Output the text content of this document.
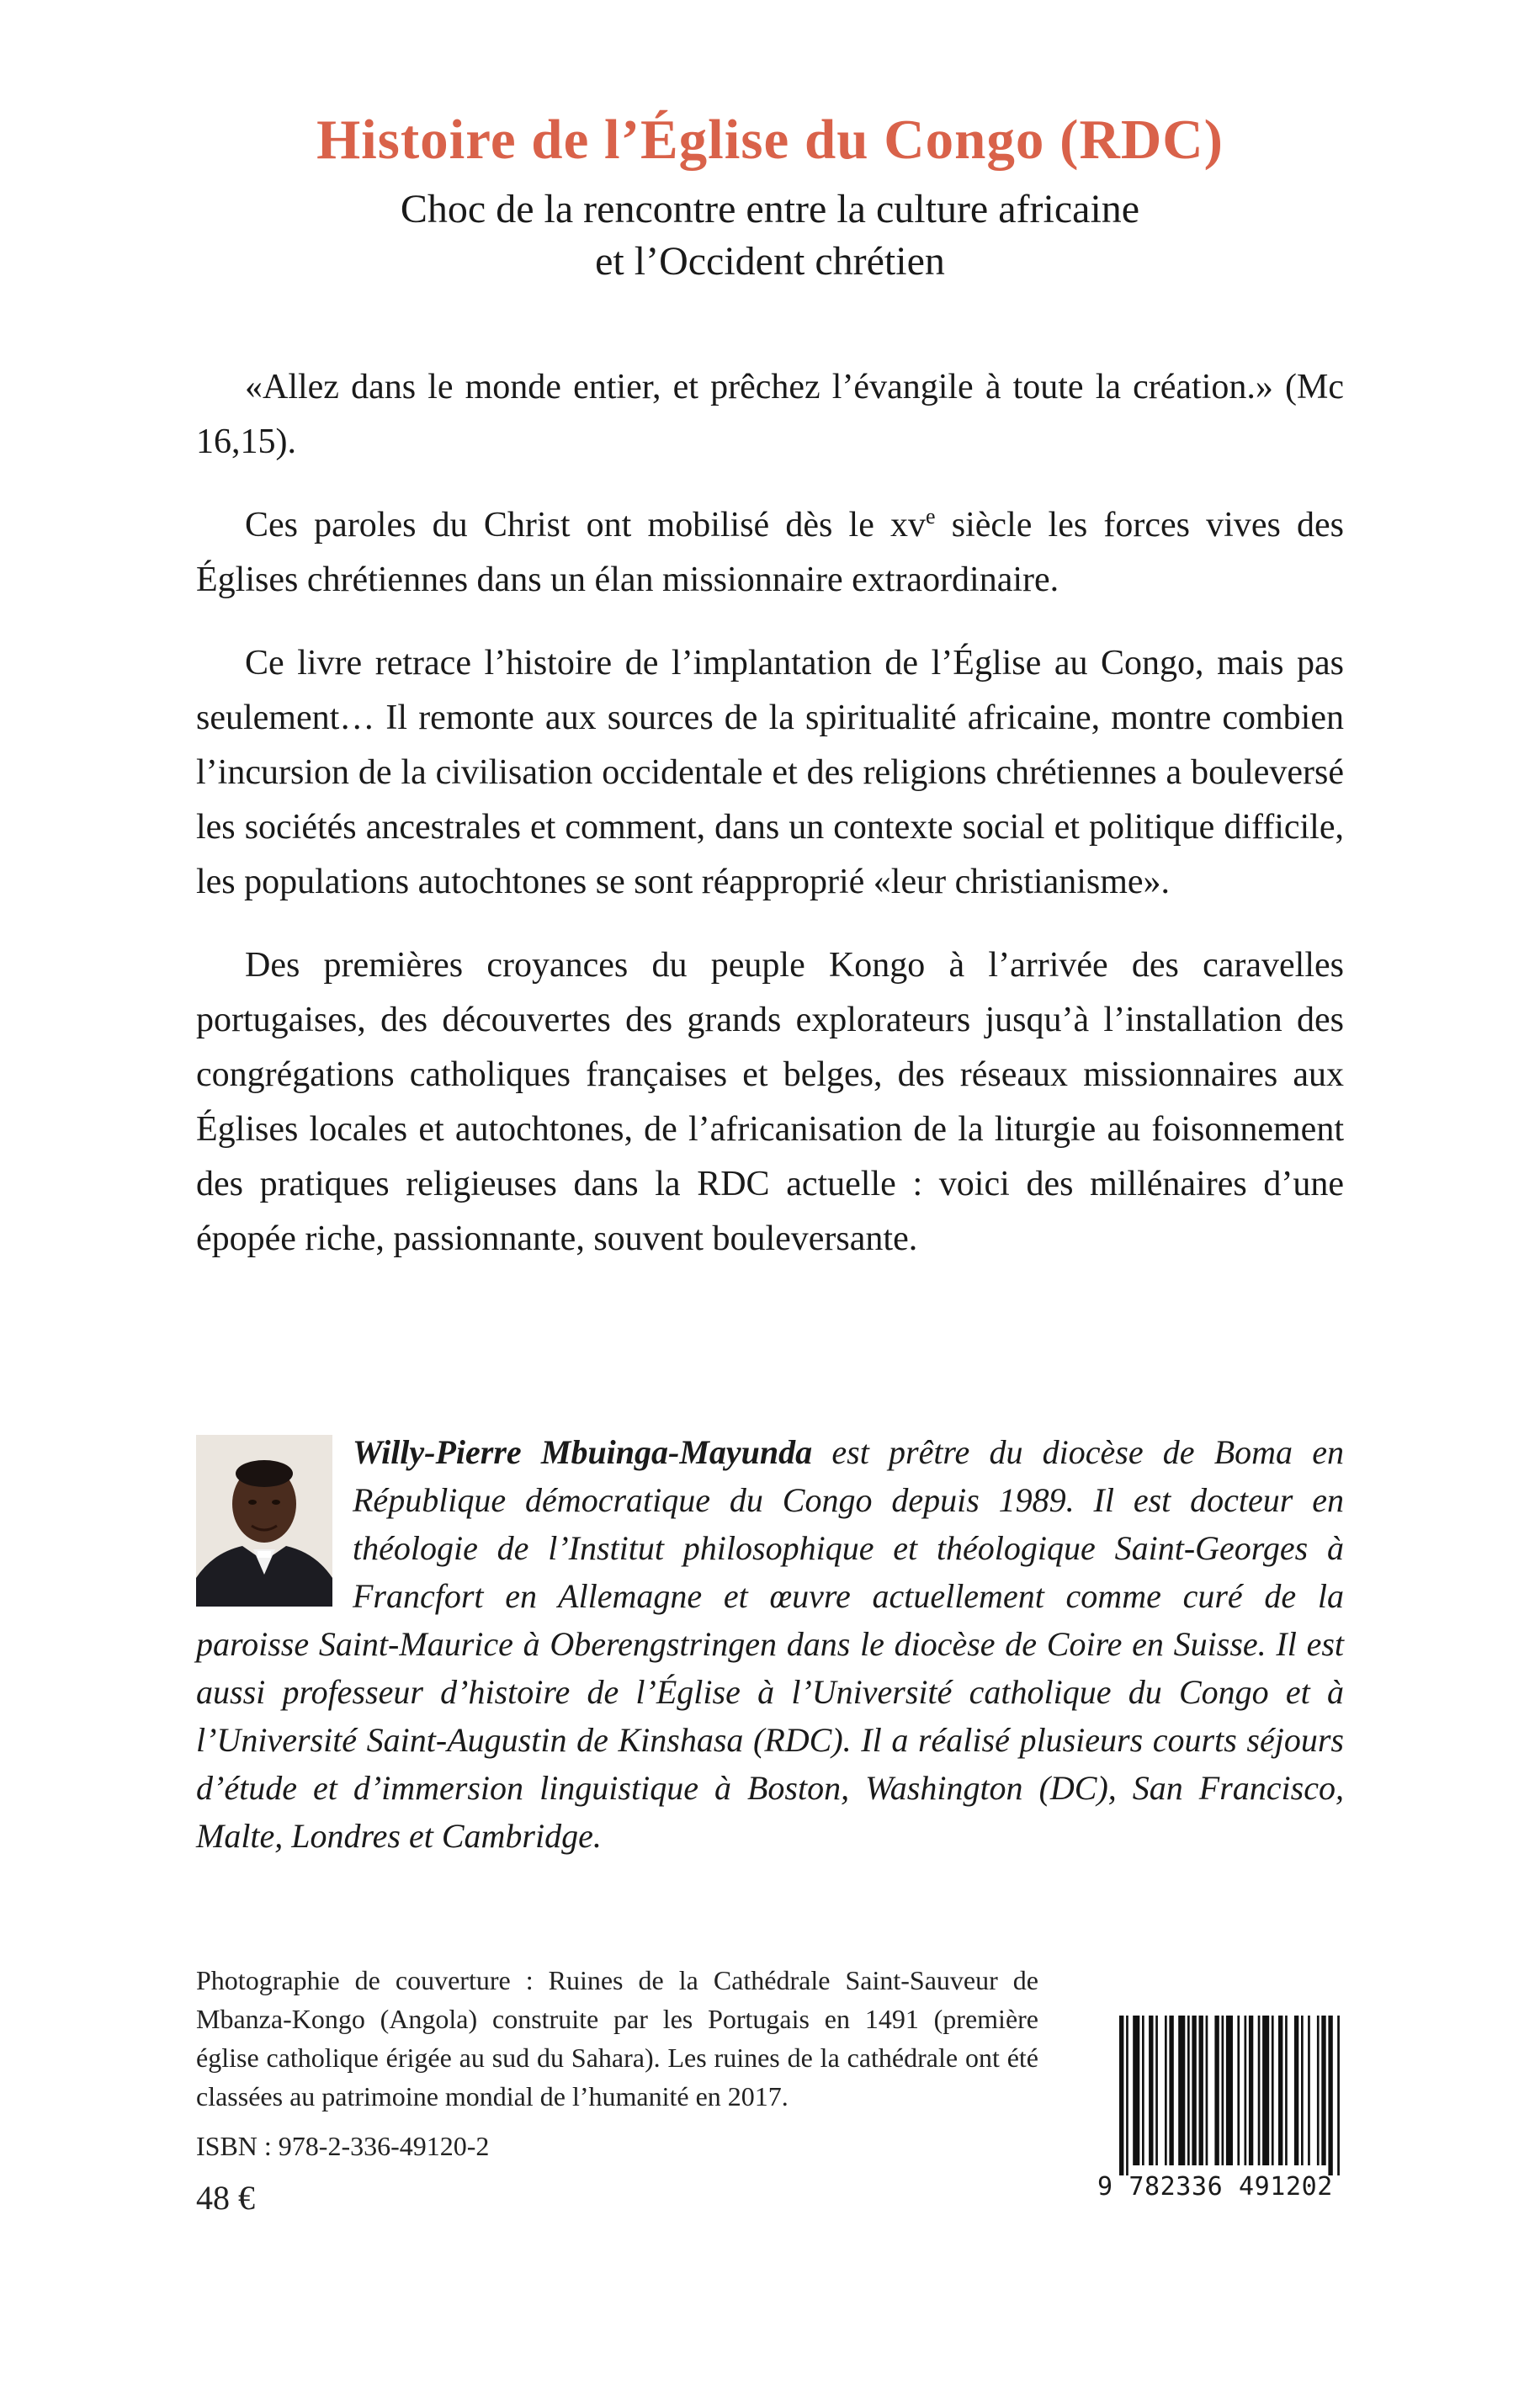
Histoire de l’Église du Congo (RDC)
Choc de la rencontre entre la culture africaine
et l’Occident chrétien

«Allez dans le monde entier, et prêchez l’évangile à toute la création.» (Mc 16,15).

Ces paroles du Christ ont mobilisé dès le $xv^e$ siècle les forces vives des Églises chrétiennes dans un élan missionnaire extraordinaire.

Ce livre retrace l’histoire de l’implantation de l’Église au Congo, mais pas seulement… Il remonte aux sources de la spiritualité africaine, montre combien l’incursion de la civilisation occidentale et des religions chrétiennes a bouleversé les sociétés ancestrales et comment, dans un contexte social et politique difficile, les populations autochtones se sont réapproprié «leur christianisme».

Des premières croyances du peuple Kongo à l’arrivée des caravelles portugaises, des découvertes des grands explorateurs jusqu’à l’installation des congrégations catholiques françaises et belges, des réseaux missionnaires aux Églises locales et autochtones, de l’africanisation de la liturgie au foisonnement des pratiques religieuses dans la RDC actuelle : voici des millénaires d’une épopée riche, passionnante, souvent bouleversante.

Willy-Pierre Mbuinga-Mayunda est prêtre du diocèse de Boma en République démocratique du Congo depuis 1989. Il est docteur en théologie de l’Institut philosophique et théologique Saint-Georges à Francfort en Allemagne et œuvre actuellement comme curé de la paroisse Saint-Maurice à Oberengstringen dans le diocèse de Coire en Suisse. Il est aussi professeur d’histoire de l’Église à l’Université catholique du Congo et à l’Université Saint-Augustin de Kinshasa (RDC). Il a réalisé plusieurs courts séjours d’étude et d’immersion linguistique à Boston, Washington (DC), San Francisco, Malte, Londres et Cambridge.
Photographie de couverture : Ruines de la Cathédrale Saint-Sauveur de Mbanza-Kongo (Angola) construite par les Portugais en 1491 (première église catholique érigée au sud du Sahara). Les ruines de la cathédrale ont été classées au patrimoine mondial de l’humanité en 2017.
ISBN : 978-2-336-49120-2
48 €	9 782336 491202
